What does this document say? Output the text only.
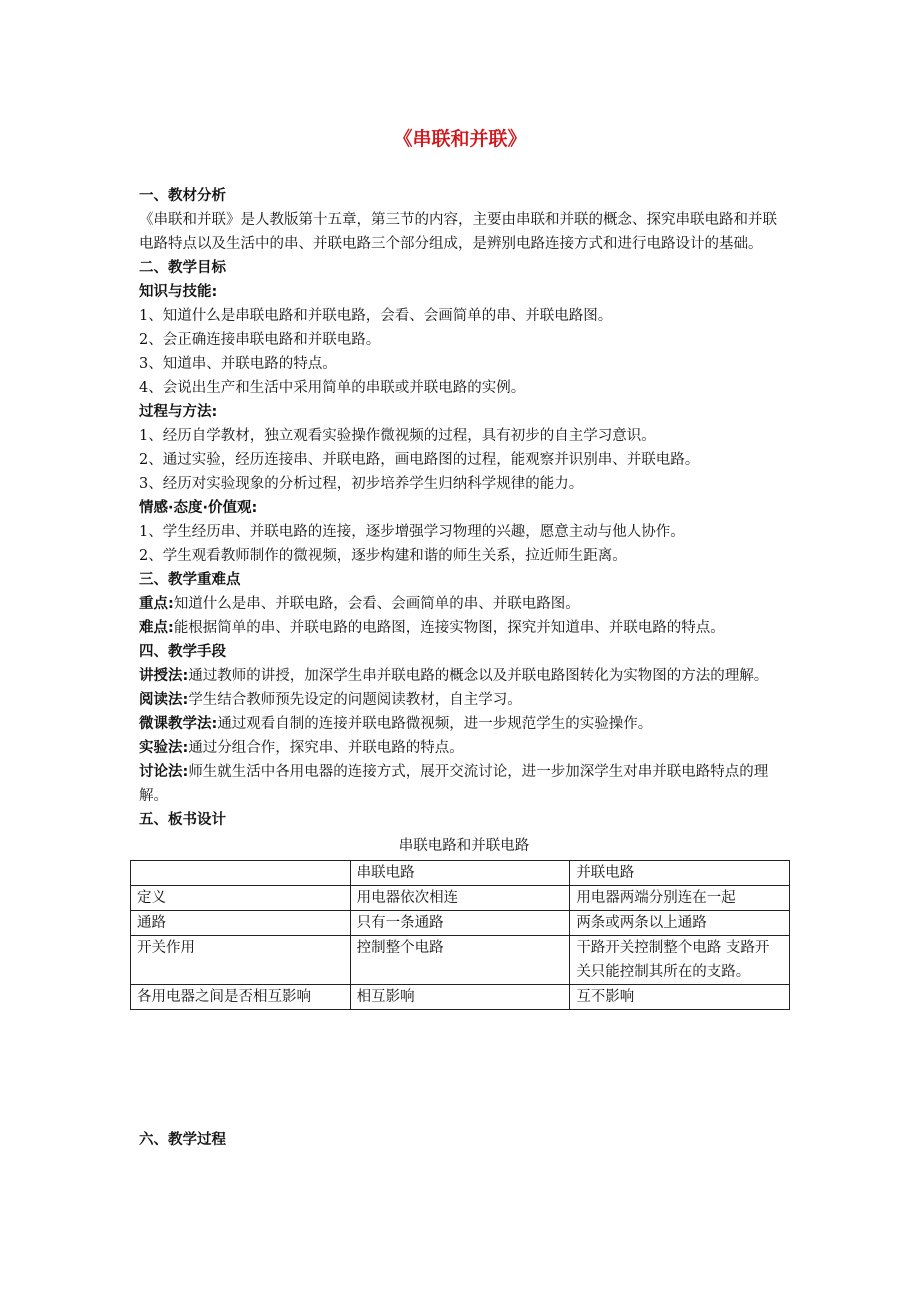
《串联和并联》
一、教材分析

《串联和并联》是人教版第十五章，第三节的内容，主要由串联和并联的概念、探究串联电路和并联电路特点以及生活中的串、并联电路三个部分组成，是辨别电路连接方式和进行电路设计的基础。

二、教学目标
知识与技能:

1、知道什么是串联电路和并联电路，会看、会画简单的串、并联电路图。

2、会正确连接串联电路和并联电路。

3、知道串、并联电路的特点。

4、会说出生产和生活中采用简单的串联或并联电路的实例。

过程与方法:

1、经历自学教材，独立观看实验操作微视频的过程，具有初步的自主学习意识。

2、通过实验，经历连接串、并联电路，画电路图的过程，能观察并识别串、并联电路。

3、经历对实验现象的分析过程，初步培养学生归纳科学规律的能力。

情感·态度·价值观:

1、学生经历串、并联电路的连接，逐步增强学习物理的兴趣，愿意主动与他人协作。

2、学生观看教师制作的微视频，逐步构建和谐的师生关系，拉近师生距离。

三、教学重难点

重点:知道什么是串、并联电路，会看、会画简单的串、并联电路图。

难点:能根据简单的串、并联电路的电路图，连接实物图，探究并知道串、并联电路的特点。

四、教学手段

讲授法:通过教师的讲授，加深学生串并联电路的概念以及并联电路图转化为实物图的方法的理解。

阅读法:学生结合教师预先设定的问题阅读教材，自主学习。

微课教学法:通过观看自制的连接并联电路微视频，进一步规范学生的实验操作。

实验法:通过分组合作，探究串、并联电路的特点。

讨论法:师生就生活中各用电器的连接方式，展开交流讨论，进一步加深学生对串并联电路特点的理解。

五、板书设计
串联电路和并联电路
	串联电路	并联电路
定义	用电器依次相连	用电器两端分别连在一起
通路	只有一条通路	两条或两条以上通路
开关作用	控制整个电路	干路开关控制整个电路 支路开关只能控制其所在的支路。
各用电器之间是否相互影响	相互影响	互不影响
六、教学过程
